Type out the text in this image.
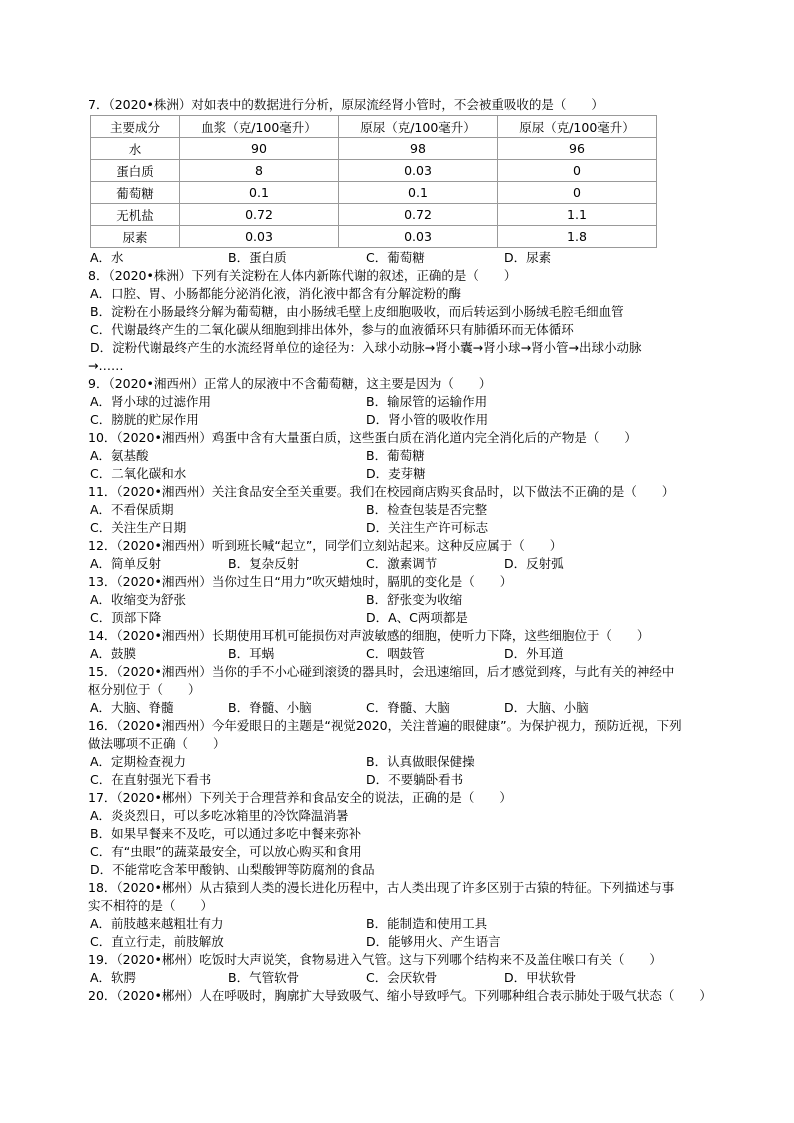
7．（2020•株洲）对如表中的数据进行分析，原尿流经肾小管时，不会被重吸收的是（　　）
主要成分	血浆（克/100毫升）	原尿（克/100毫升）	原尿（克/100毫升）
水	90	98	96
蛋白质	8	0.03	0
葡萄糖	0.1	0.1	0
无机盐	0.72	0.72	1.1
尿素	0.03	0.03	1.8
A．水	B．蛋白质	C．葡萄糖	D．尿素
8．（2020•株洲）下列有关淀粉在人体内新陈代谢的叙述，正确的是（　　）
A．口腔、胃、小肠都能分泌消化液，消化液中都含有分解淀粉的酶
B．淀粉在小肠最终分解为葡萄糖，由小肠绒毛壁上皮细胞吸收，而后转运到小肠绒毛腔毛细血管
C．代谢最终产生的二氧化碳从细胞到排出体外，参与的血液循环只有肺循环而无体循环
D．淀粉代谢最终产生的水流经肾单位的途径为：入球小动脉→肾小囊→肾小球→肾小管→出球小动脉
→……
9．（2020•湘西州）正常人的尿液中不含葡萄糖，这主要是因为（　　）
A．肾小球的过滤作用	B．输尿管的运输作用
C．膀胱的贮尿作用	D．肾小管的吸收作用
10．（2020•湘西州）鸡蛋中含有大量蛋白质，这些蛋白质在消化道内完全消化后的产物是（　　）
A．氨基酸	B．葡萄糖
C．二氧化碳和水	D．麦芽糖
11．（2020•湘西州）关注食品安全至关重要。我们在校园商店购买食品时，以下做法不正确的是（　　）
A．不看保质期	B．检查包装是否完整
C．关注生产日期	D．关注生产许可标志
12．（2020•湘西州）听到班长喊“起立”，同学们立刻站起来。这种反应属于（　　）
A．简单反射	B．复杂反射	C．激素调节	D．反射弧
13．（2020•湘西州）当你过生日“用力”吹灭蜡烛时，膈肌的变化是（　　）
A．收缩变为舒张	B．舒张变为收缩
C．顶部下降	D．A、C两项都是
14．（2020•湘西州）长期使用耳机可能损伤对声波敏感的细胞，使听力下降，这些细胞位于（　　）
A．鼓膜	B．耳蜗	C．咽鼓管	D．外耳道
15．（2020•湘西州）当你的手不小心碰到滚烫的器具时，会迅速缩回，后才感觉到疼，与此有关的神经中
枢分别位于（　　）
A．大脑、脊髓	B．脊髓、小脑	C．脊髓、大脑	D．大脑、小脑
16．（2020•湘西州）今年爱眼日的主题是“视觉2020，关注普遍的眼健康”。为保护视力，预防近视，下列
做法哪项不正确（　　）
A．定期检查视力	B．认真做眼保健操
C．在直射强光下看书	D．不要躺卧看书
17．（2020•郴州）下列关于合理营养和食品安全的说法，正确的是（　　）
A．炎炎烈日，可以多吃冰箱里的冷饮降温消暑
B．如果早餐来不及吃，可以通过多吃中餐来弥补
C．有“虫眼”的蔬菜最安全，可以放心购买和食用
D．不能常吃含苯甲酸钠、山梨酸钾等防腐剂的食品
18．（2020•郴州）从古猿到人类的漫长进化历程中，古人类出现了许多区别于古猿的特征。下列描述与事
实不相符的是（　　）
A．前肢越来越粗壮有力	B．能制造和使用工具
C．直立行走，前肢解放	D．能够用火、产生语言
19．（2020•郴州）吃饭时大声说笑，食物易进入气管。这与下列哪个结构来不及盖住喉口有关（　　）
A．软腭	B．气管软骨	C．会厌软骨	D．甲状软骨
20．（2020•郴州）人在呼吸时，胸廓扩大导致吸气、缩小导致呼气。下列哪种组合表示肺处于吸气状态（　　）
